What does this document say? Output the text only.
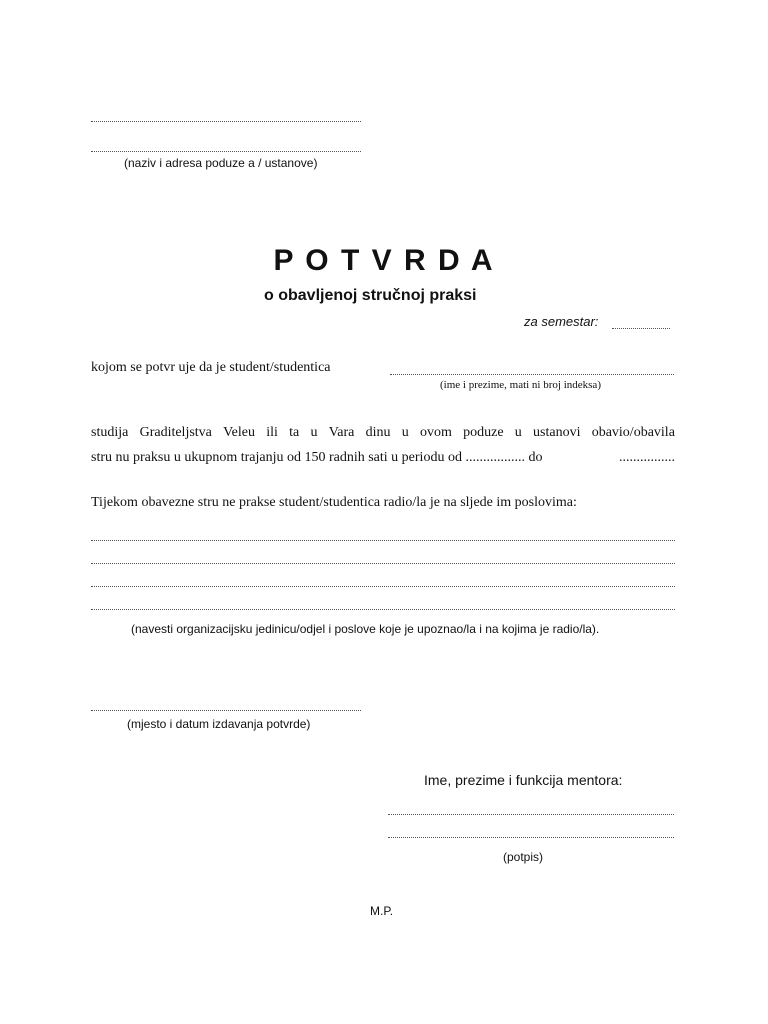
(naziv i adresa poduze a / ustanove)
P O T V R D A
o obavljenoj stručnoj praksi
za semestar:
kojom se potvr uje da je student/studentica
(ime i prezime, mati ni broj indeksa)
studija Graditeljstva Veleu ili ta u Vara dinu u ovom poduze u ustanovi obavio/obavila
stru nu praksu u ukupnom trajanju od 150 radnih sati u periodu od ................. do	................
Tijekom obavezne stru ne prakse student/studentica radio/la je na sljede im poslovima:
(navesti organizacijsku jedinicu/odjel i poslove koje je upoznao/la i na kojima je radio/la).
(mjesto i datum izdavanja potvrde)
Ime, prezime i funkcija mentora:
(potpis)
M.P.
